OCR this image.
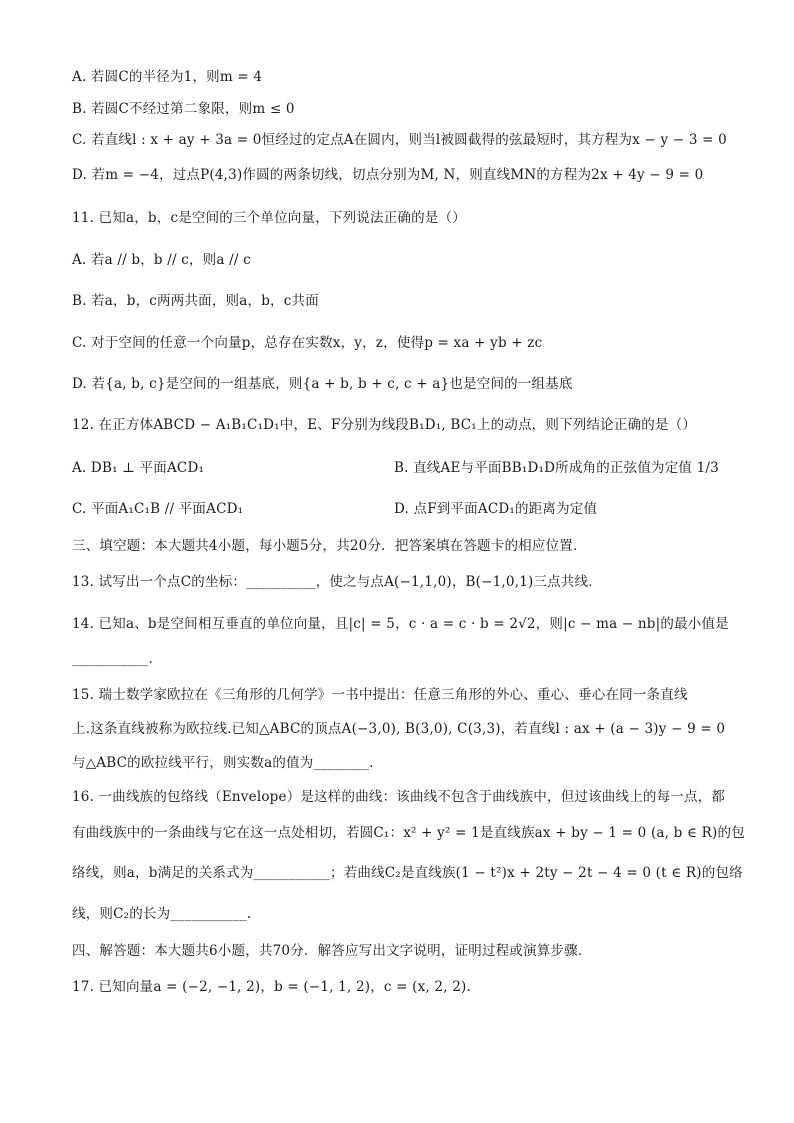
A. 若圆C的半径为1，则m = 4
B. 若圆C不经过第二象限，则m ≤ 0
C. 若直线l : x + ay + 3a = 0恒经过的定点A在圆内，则当l被圆截得的弦最短时，其方程为x − y − 3 = 0
D. 若m = −4，过点P(4,3)作圆的两条切线，切点分别为M, N，则直线MN的方程为2x + 4y − 9 = 0
11. 已知a，b，c是空间的三个单位向量，下列说法正确的是（）
A. 若a // b，b // c，则a // c
B. 若a，b，c两两共面，则a，b，c共面
C. 对于空间的任意一个向量p，总存在实数x，y，z，使得p = xa + yb + zc
D. 若{a, b, c}是空间的一组基底，则{a + b, b + c, c + a}也是空间的一组基底
12. 在正方体ABCD − A₁B₁C₁D₁中，E、F分别为线段B₁D₁, BC₁上的动点，则下列结论正确的是（）
A. DB₁ ⊥ 平面ACD₁	B. 直线AE与平面BB₁D₁D所成角的正弦值为定值 1/3
C. 平面A₁C₁B // 平面ACD₁	D. 点F到平面ACD₁的距离为定值
三、填空题：本大题共4小题，每小题5分，共20分．把答案填在答题卡的相应位置．
13. 试写出一个点C的坐标：__________，使之与点A(−1,1,0)，B(−1,0,1)三点共线．
14. 已知a、b是空间相互垂直的单位向量，且|c| = 5，c · a = c · b = 2√2，则|c − ma − nb|的最小值是
___________.
15. 瑞士数学家欧拉在《三角形的几何学》一书中提出：任意三角形的外心、重心、垂心在同一条直线
上.这条直线被称为欧拉线.已知△ABC的顶点A(−3,0), B(3,0), C(3,3)，若直线l : ax + (a − 3)y − 9 = 0
与△ABC的欧拉线平行，则实数a的值为________.
16. 一曲线族的包络线（Envelope）是这样的曲线：该曲线不包含于曲线族中，但过该曲线上的每一点，都
有曲线族中的一条曲线与它在这一点处相切，若圆C₁：x² + y² = 1是直线族ax + by − 1 = 0 (a, b ∈ R)的包
络线，则a，b满足的关系式为___________；若曲线C₂是直线族(1 − t²)x + 2ty − 2t − 4 = 0 (t ∈ R)的包络
线，则C₂的长为___________.
四、解答题：本大题共6小题，共70分．解答应写出文字说明，证明过程或演算步骤．
17. 已知向量a = (−2, −1, 2)，b = (−1, 1, 2)，c = (x, 2, 2).
